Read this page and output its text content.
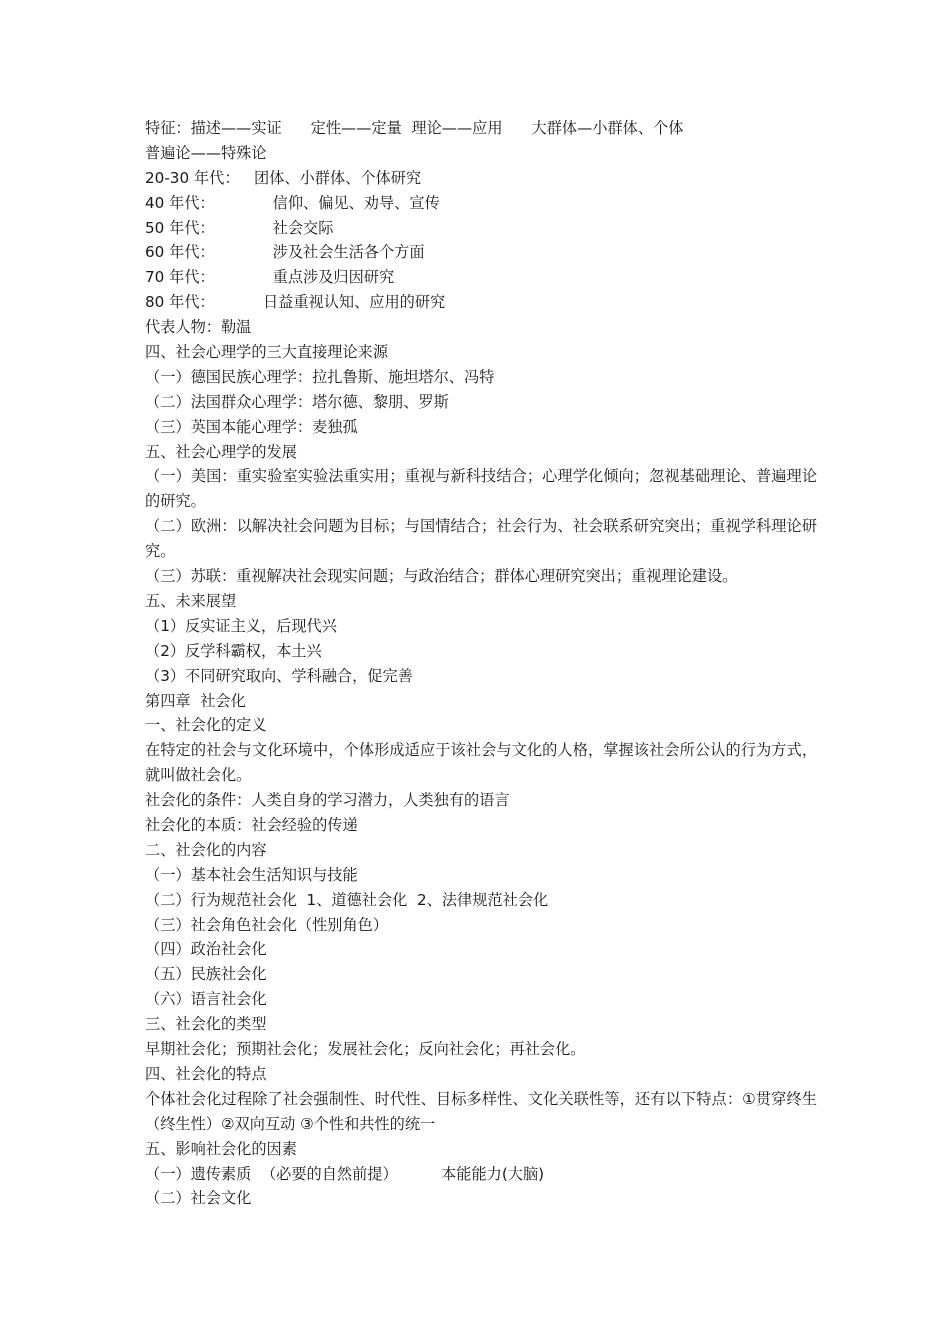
特征：描述——实证      定性——定量  理论——应用      大群体—小群体、个体
普遍论——特殊论
20-30 年代：   团体、小群体、个体研究
40 年代：            信仰、偏见、劝导、宣传
50 年代：            社会交际
60 年代：            涉及社会生活各个方面
70 年代：            重点涉及归因研究
80 年代：          日益重视认知、应用的研究
代表人物：勒温
四、社会心理学的三大直接理论来源
（一）德国民族心理学：拉扎鲁斯、施坦塔尔、冯特
（二）法国群众心理学：塔尔德、黎朋、罗斯
（三）英国本能心理学：麦独孤
五、社会心理学的发展
（一）美国：重实验室实验法重实用；重视与新科技结合；心理学化倾向；忽视基础理论、普遍理论的研究。
（二）欧洲：以解决社会问题为目标；与国情结合；社会行为、社会联系研究突出；重视学科理论研究。
（三）苏联：重视解决社会现实问题；与政治结合；群体心理研究突出；重视理论建设。
五、未来展望
（1）反实证主义，后现代兴
（2）反学科霸权，本土兴
（3）不同研究取向、学科融合，促完善
第四章  社会化
一、社会化的定义
在特定的社会与文化环境中，个体形成适应于该社会与文化的人格，掌握该社会所公认的行为方式，就叫做社会化。
社会化的条件：人类自身的学习潜力，人类独有的语言
社会化的本质：社会经验的传递
二、社会化的内容
（一）基本社会生活知识与技能
（二）行为规范社会化  1、道德社会化  2、法律规范社会化
（三）社会角色社会化（性别角色）
（四）政治社会化
（五）民族社会化
（六）语言社会化
三、社会化的类型
早期社会化；预期社会化；发展社会化；反向社会化；再社会化。
四、社会化的特点
个体社会化过程除了社会强制性、时代性、目标多样性、文化关联性等，还有以下特点：①贯穿终生 （终生性）②双向互动 ③个性和共性的统一
五、影响社会化的因素
（一）遗传素质  （必要的自然前提）         本能能力(大脑)
（二）社会文化
